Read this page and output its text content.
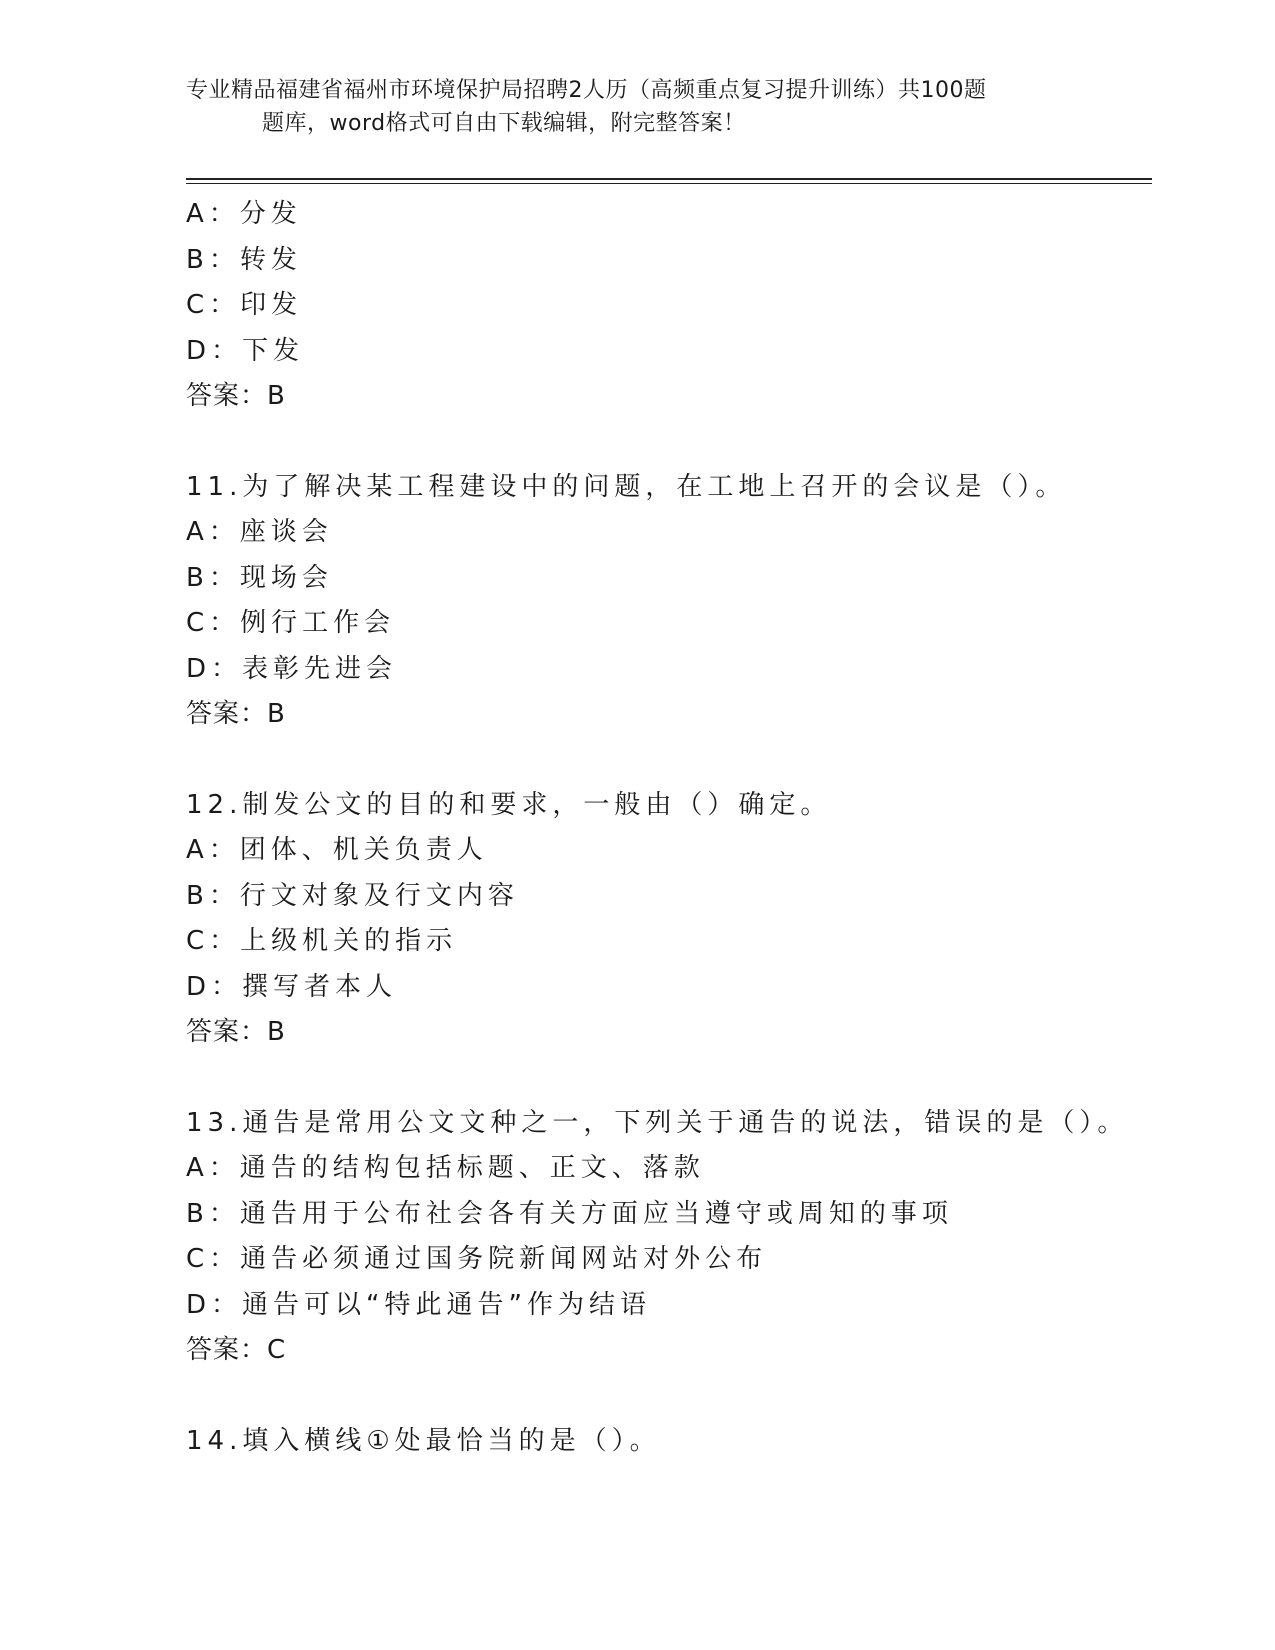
专业精品福建省福州市环境保护局招聘2人历（高频重点复习提升训练）共100题
题库，word格式可自由下载编辑，附完整答案！
A：分发
B：转发
C：印发
D：下发
答案：B
11.为了解决某工程建设中的问题，在工地上召开的会议是（）。
A：座谈会
B：现场会
C：例行工作会
D：表彰先进会
答案：B
12.制发公文的目的和要求，一般由（）确定。
A：团体、机关负责人
B：行文对象及行文内容
C：上级机关的指示
D：撰写者本人
答案：B
13.通告是常用公文文种之一，下列关于通告的说法，错误的是（）。
A：通告的结构包括标题、正文、落款
B：通告用于公布社会各有关方面应当遵守或周知的事项
C：通告必须通过国务院新闻网站对外公布
D：通告可以“特此通告”作为结语
答案：C
14.填入横线①处最恰当的是（）。
